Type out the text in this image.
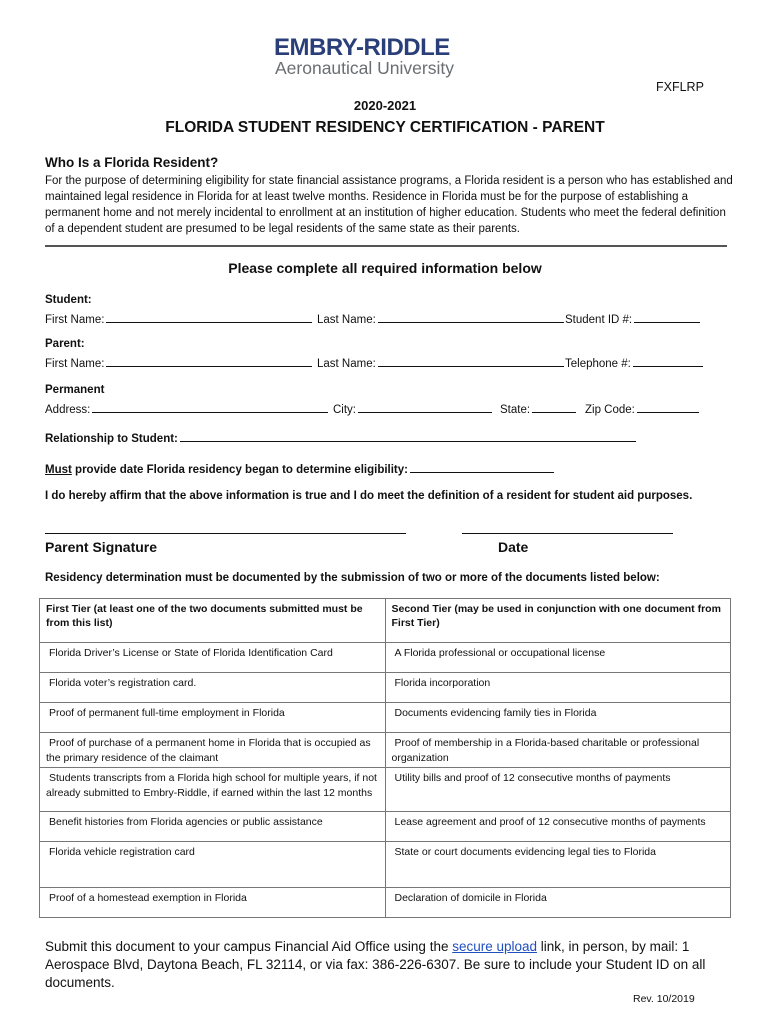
EMBRY-RIDDLE
Aeronautical University
FXFLRP
2020-2021
FLORIDA STUDENT RESIDENCY CERTIFICATION - PARENT
Who Is a Florida Resident?
For the purpose of determining eligibility for state financial assistance programs, a Florida resident is a person who has established and maintained legal residence in Florida for at least twelve months. Residence in Florida must be for the purpose of establishing a permanent home and not merely incidental to enrollment at an institution of higher education. Students who meet the federal definition of a dependent student are presumed to be legal residents of the same state as their parents.
Please complete all required information below
Student:
First Name:	Last Name:	Student ID #:
Parent:
First Name:	Last Name:	Telephone #:
Permanent
Address:	City:	State:	Zip Code:
Relationship to Student:
Must provide date Florida residency began to determine eligibility:
I do hereby affirm that the above information is true and I do meet the definition of a resident for student aid purposes.
Parent Signature	Date
Residency determination must be documented by the submission of two or more of the documents listed below:
First Tier (at least one of the two documents submitted must be from this list)	Second Tier (may be used in conjunction with one document from First Tier)
Florida Driver’s License or State of Florida Identification Card	A Florida professional or occupational license
Florida voter’s registration card.	Florida incorporation
Proof of permanent full-time employment in Florida	Documents evidencing family ties in Florida
Proof of purchase of a permanent home in Florida that is occupied as the primary residence of the claimant	Proof of membership in a Florida-based charitable or professional organization
Students transcripts from a Florida high school for multiple years, if not already submitted to Embry-Riddle, if earned within the last 12 months	Utility bills and proof of 12 consecutive months of payments
Benefit histories from Florida agencies or public assistance	Lease agreement and proof of 12 consecutive months of payments
Florida vehicle registration card	State or court documents evidencing legal ties to Florida
Proof of a homestead exemption in Florida	Declaration of domicile in Florida
Submit this document to your campus Financial Aid Office using the secure upload link, in person, by mail: 1 Aerospace Blvd, Daytona Beach, FL 32114, or via fax: 386-226-6307. Be sure to include your Student ID on all documents.
Rev. 10/2019
